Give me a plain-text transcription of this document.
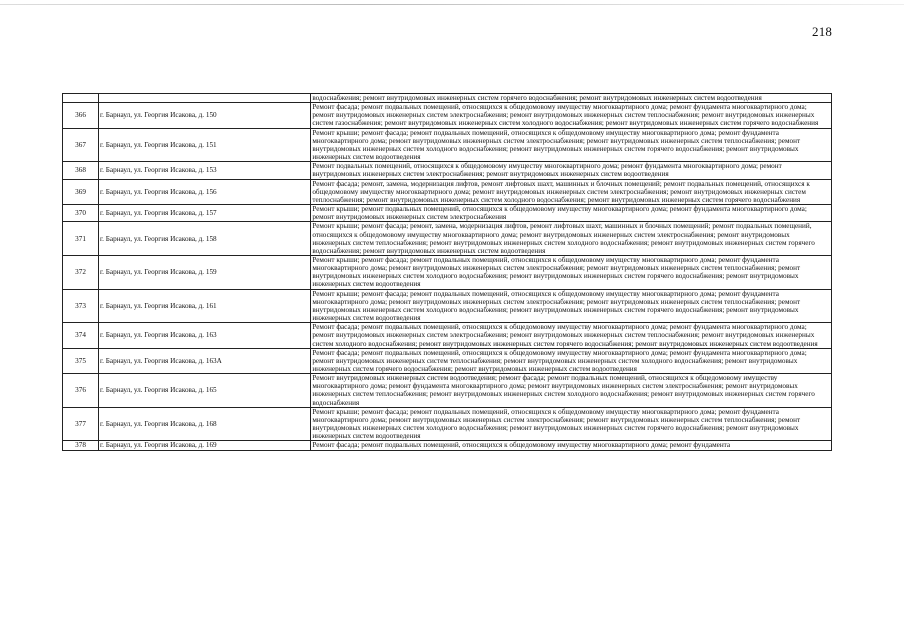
218
		водоснабжения; ремонт внутридомовых инженерных систем горячего водоснабжения; ремонт внутридомовых инженерных систем водоотведения
366	г. Барнаул, ул. Георгия Исакова, д. 150	Ремонт фасада; ремонт подвальных помещений, относящихся к общедомовому имуществу многоквартирного дома; ремонт фундамента многоквартирного дома; ремонт внутридомовых инженерных систем электроснабжения; ремонт внутридомовых инженерных систем теплоснабжения; ремонт внутридомовых инженерных систем газоснабжения; ремонт внутридомовых инженерных систем холодного водоснабжения; ремонт внутридомовых инженерных систем горячего водоснабжения
367	г. Барнаул, ул. Георгия Исакова, д. 151	Ремонт крыши; ремонт фасада; ремонт подвальных помещений, относящихся к общедомовому имуществу многоквартирного дома; ремонт фундамента многоквартирного дома; ремонт внутридомовых инженерных систем электроснабжения; ремонт внутридомовых инженерных систем теплоснабжения; ремонт внутридомовых инженерных систем холодного водоснабжения; ремонт внутридомовых инженерных систем горячего водоснабжения; ремонт внутридомовых инженерных систем водоотведения
368	г. Барнаул, ул. Георгия Исакова, д. 153	Ремонт подвальных помещений, относящихся к общедомовому имуществу многоквартирного дома; ремонт фундамента многоквартирного дома; ремонт внутридомовых инженерных систем электроснабжения; ремонт внутридомовых инженерных систем водоотведения
369	г. Барнаул, ул. Георгия Исакова, д. 156	Ремонт фасада; ремонт, замена, модернизация лифтов, ремонт лифтовых шахт, машинных и блочных помещений; ремонт подвальных помещений, относящихся к общедомовому имуществу многоквартирного дома; ремонт внутридомовых инженерных систем электроснабжения; ремонт внутридомовых инженерных систем теплоснабжения; ремонт внутридомовых инженерных систем холодного водоснабжения; ремонт внутридомовых инженерных систем горячего водоснабжения
370	г. Барнаул, ул. Георгия Исакова, д. 157	Ремонт крыши; ремонт подвальных помещений, относящихся к общедомовому имуществу многоквартирного дома; ремонт фундамента многоквартирного дома; ремонт внутридомовых инженерных систем электроснабжения
371	г. Барнаул, ул. Георгия Исакова, д. 158	Ремонт крыши; ремонт фасада; ремонт, замена, модернизация лифтов, ремонт лифтовых шахт, машинных и блочных помещений; ремонт подвальных помещений, относящихся к общедомовому имуществу многоквартирного дома; ремонт внутридомовых инженерных систем электроснабжения; ремонт внутридомовых инженерных систем теплоснабжения; ремонт внутридомовых инженерных систем холодного водоснабжения; ремонт внутридомовых инженерных систем горячего водоснабжения; ремонт внутридомовых инженерных систем водоотведения
372	г. Барнаул, ул. Георгия Исакова, д. 159	Ремонт крыши; ремонт фасада; ремонт подвальных помещений, относящихся к общедомовому имуществу многоквартирного дома; ремонт фундамента многоквартирного дома; ремонт внутридомовых инженерных систем электроснабжения; ремонт внутридомовых инженерных систем теплоснабжения; ремонт внутридомовых инженерных систем холодного водоснабжения; ремонт внутридомовых инженерных систем горячего водоснабжения; ремонт внутридомовых инженерных систем водоотведения
373	г. Барнаул, ул. Георгия Исакова, д. 161	Ремонт крыши; ремонт фасада; ремонт подвальных помещений, относящихся к общедомовому имуществу многоквартирного дома; ремонт фундамента многоквартирного дома; ремонт внутридомовых инженерных систем электроснабжения; ремонт внутридомовых инженерных систем теплоснабжения; ремонт внутридомовых инженерных систем холодного водоснабжения; ремонт внутридомовых инженерных систем горячего водоснабжения; ремонт внутридомовых инженерных систем водоотведения
374	г. Барнаул, ул. Георгия Исакова, д. 163	Ремонт фасада; ремонт подвальных помещений, относящихся к общедомовому имуществу многоквартирного дома; ремонт фундамента многоквартирного дома; ремонт внутридомовых инженерных систем электроснабжения; ремонт внутридомовых инженерных систем теплоснабжения; ремонт внутридомовых инженерных систем холодного водоснабжения; ремонт внутридомовых инженерных систем горячего водоснабжения; ремонт внутридомовых инженерных систем водоотведения
375	г. Барнаул, ул. Георгия Исакова, д. 163А	Ремонт фасада; ремонт подвальных помещений, относящихся к общедомовому имуществу многоквартирного дома; ремонт фундамента многоквартирного дома; ремонт внутридомовых инженерных систем теплоснабжения; ремонт внутридомовых инженерных систем холодного водоснабжения; ремонт внутридомовых инженерных систем горячего водоснабжения; ремонт внутридомовых инженерных систем водоотведения
376	г. Барнаул, ул. Георгия Исакова, д. 165	Ремонт внутридомовых инженерных систем водоотведения; ремонт фасада; ремонт подвальных помещений, относящихся к общедомовому имуществу многоквартирного дома; ремонт фундамента многоквартирного дома; ремонт внутридомовых инженерных систем электроснабжения; ремонт внутридомовых инженерных систем теплоснабжения; ремонт внутридомовых инженерных систем холодного водоснабжения; ремонт внутридомовых инженерных систем горячего водоснабжения
377	г. Барнаул, ул. Георгия Исакова, д. 168	Ремонт крыши; ремонт фасада; ремонт подвальных помещений, относящихся к общедомовому имуществу многоквартирного дома; ремонт фундамента многоквартирного дома; ремонт внутридомовых инженерных систем электроснабжения; ремонт внутридомовых инженерных систем теплоснабжения; ремонт внутридомовых инженерных систем холодного водоснабжения; ремонт внутридомовых инженерных систем горячего водоснабжения; ремонт внутридомовых инженерных систем водоотведения
378	г. Барнаул, ул. Георгия Исакова, д. 169	Ремонт фасада; ремонт подвальных помещений, относящихся к общедомовому имуществу многоквартирного дома; ремонт фундамента
